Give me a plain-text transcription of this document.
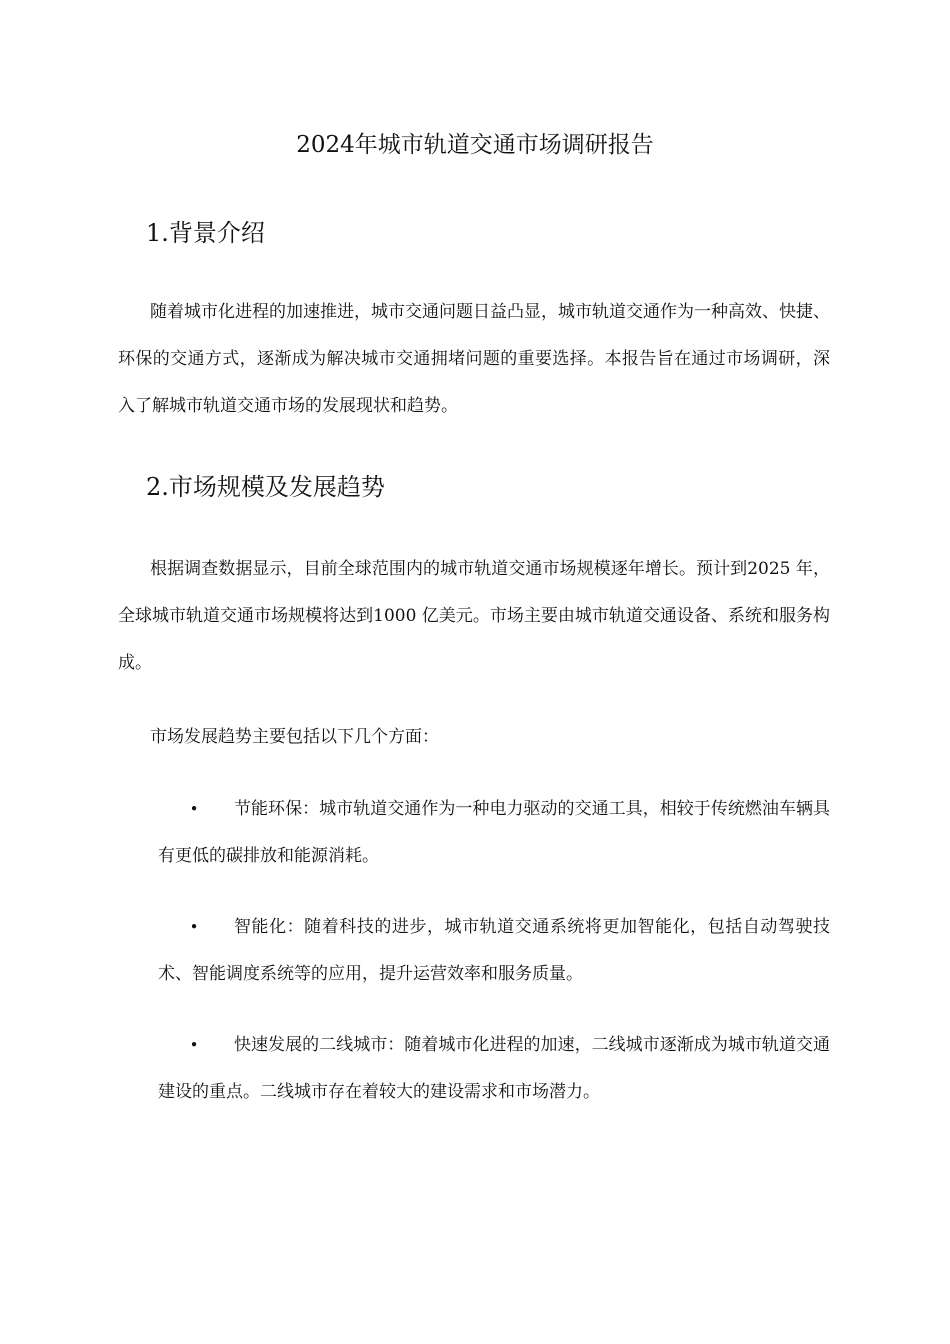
2024年城市轨道交通市场调研报告
1.背景介绍

随着城市化进程的加速推进，城市交通问题日益凸显，城市轨道交通作为一种高效、快捷、环保的交通方式，逐渐成为解决城市交通拥堵问题的重要选择。本报告旨在通过市场调研，深入了解城市轨道交通市场的发展现状和趋势。

2.市场规模及发展趋势

根据调查数据显示，目前全球范围内的城市轨道交通市场规模逐年增长。预计到2025 年，全球城市轨道交通市场规模将达到1000 亿美元。市场主要由城市轨道交通设备、系统和服务构成。

市场发展趋势主要包括以下几个方面：

•	节能环保：城市轨道交通作为一种电力驱动的交通工具，相较于传统燃油车辆具有更低的碳排放和能源消耗。

•	智能化：随着科技的进步，城市轨道交通系统将更加智能化，包括自动驾驶技术、智能调度系统等的应用，提升运营效率和服务质量。

•	快速发展的二线城市：随着城市化进程的加速，二线城市逐渐成为城市轨道交通建设的重点。二线城市存在着较大的建设需求和市场潜力。
